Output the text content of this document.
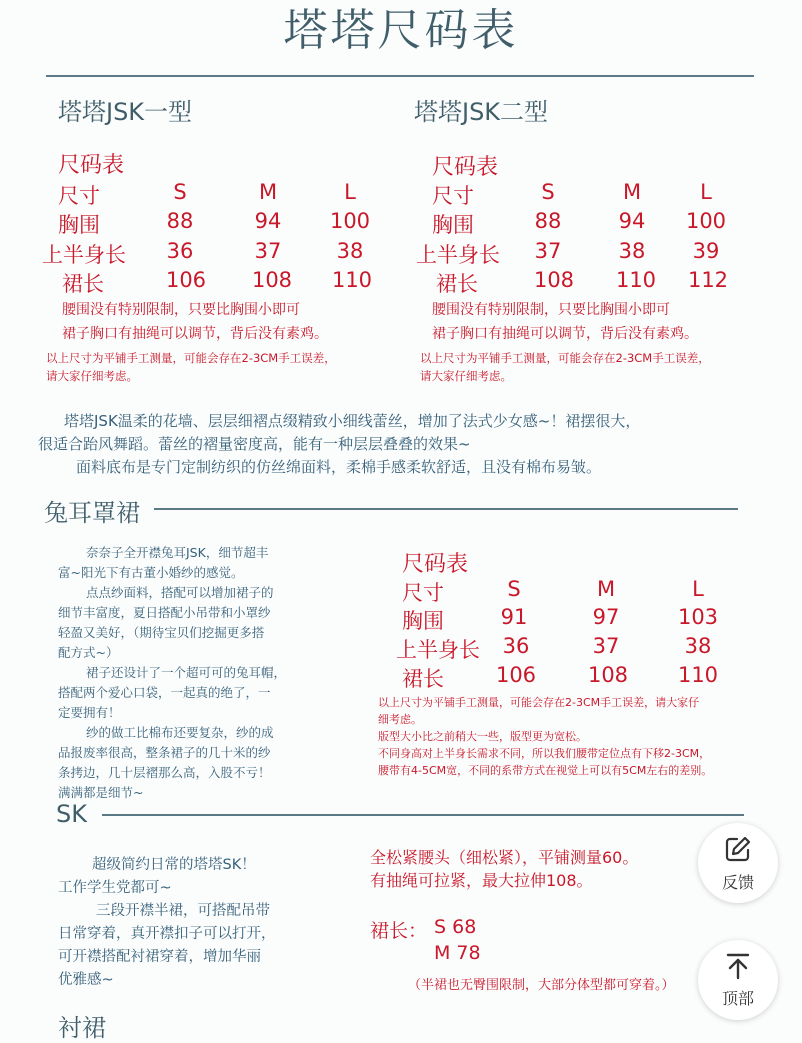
塔塔尺码表
塔塔JSK一型
尺码表
尺寸	S	M	L
胸围	88	94	100
上半身长	36	37	38
裙长	106	108	110
腰围没有特别限制，只要比胸围小即可
裙子胸口有抽绳可以调节，背后没有素鸡。
以上尺寸为平铺手工测量，可能会存在2-3CM手工误差，
请大家仔细考虑。
塔塔JSK二型
尺码表
尺寸	S	M	L
胸围	88	94	100
上半身长	37	38	39
裙长	108	110	112
腰围没有特别限制，只要比胸围小即可
裙子胸口有抽绳可以调节，背后没有素鸡。
以上尺寸为平铺手工测量，可能会存在2-3CM手工误差，
请大家仔细考虑。
塔塔JSK温柔的花墙、层层细褶点缀精致小细线蕾丝，增加了法式少女感~！裙摆很大，
很适合跆风舞蹈。蕾丝的褶量密度高，能有一种层层叠叠的效果~
面料底布是专门定制纺织的仿丝绵面料，柔棉手感柔软舒适，且没有棉布易皱。
兔耳罩裙
奈奈子全开襟兔耳JSK，细节超丰
富~阳光下有古董小婚纱的感觉。
点点纱面料，搭配可以增加裙子的
细节丰富度，夏日搭配小吊带和小罩纱
轻盈又美好，（期待宝贝们挖掘更多搭
配方式~）
裙子还设计了一个超可可的兔耳帽，
搭配两个爱心口袋，一起真的绝了，一
定要拥有！
纱的做工比棉布还要复杂，纱的成
品报废率很高，整条裙子的几十米的纱
条拷边，几十层褶那么高，入股不亏！
满满都是细节~
尺码表
尺寸	S	M	L
胸围	91	97	103
上半身长	36	37	38
裙长	106	108	110
以上尺寸为平铺手工测量，可能会存在2-3CM手工误差，请大家仔
细考虑。
版型大小比之前稍大一些，版型更为宽松。
不同身高对上半身长需求不同，所以我们腰带定位点有下移2-3CM，
腰带有4-5CM宽，不同的系带方式在视觉上可以有5CM左右的差别。
SK
超级简约日常的塔塔SK！
工作学生党都可~
三段开襟半裙，可搭配吊带
日常穿着，真开襟扣子可以打开，
可开襟搭配衬裙穿着，增加华丽
优雅感~
全松紧腰头（细松紧），平铺测量60。
有抽绳可拉紧，最大拉伸108。
裙长： S 68
M 78
（半裙也无臀围限制，大部分体型都可穿着。）
衬裙
反馈
顶部
